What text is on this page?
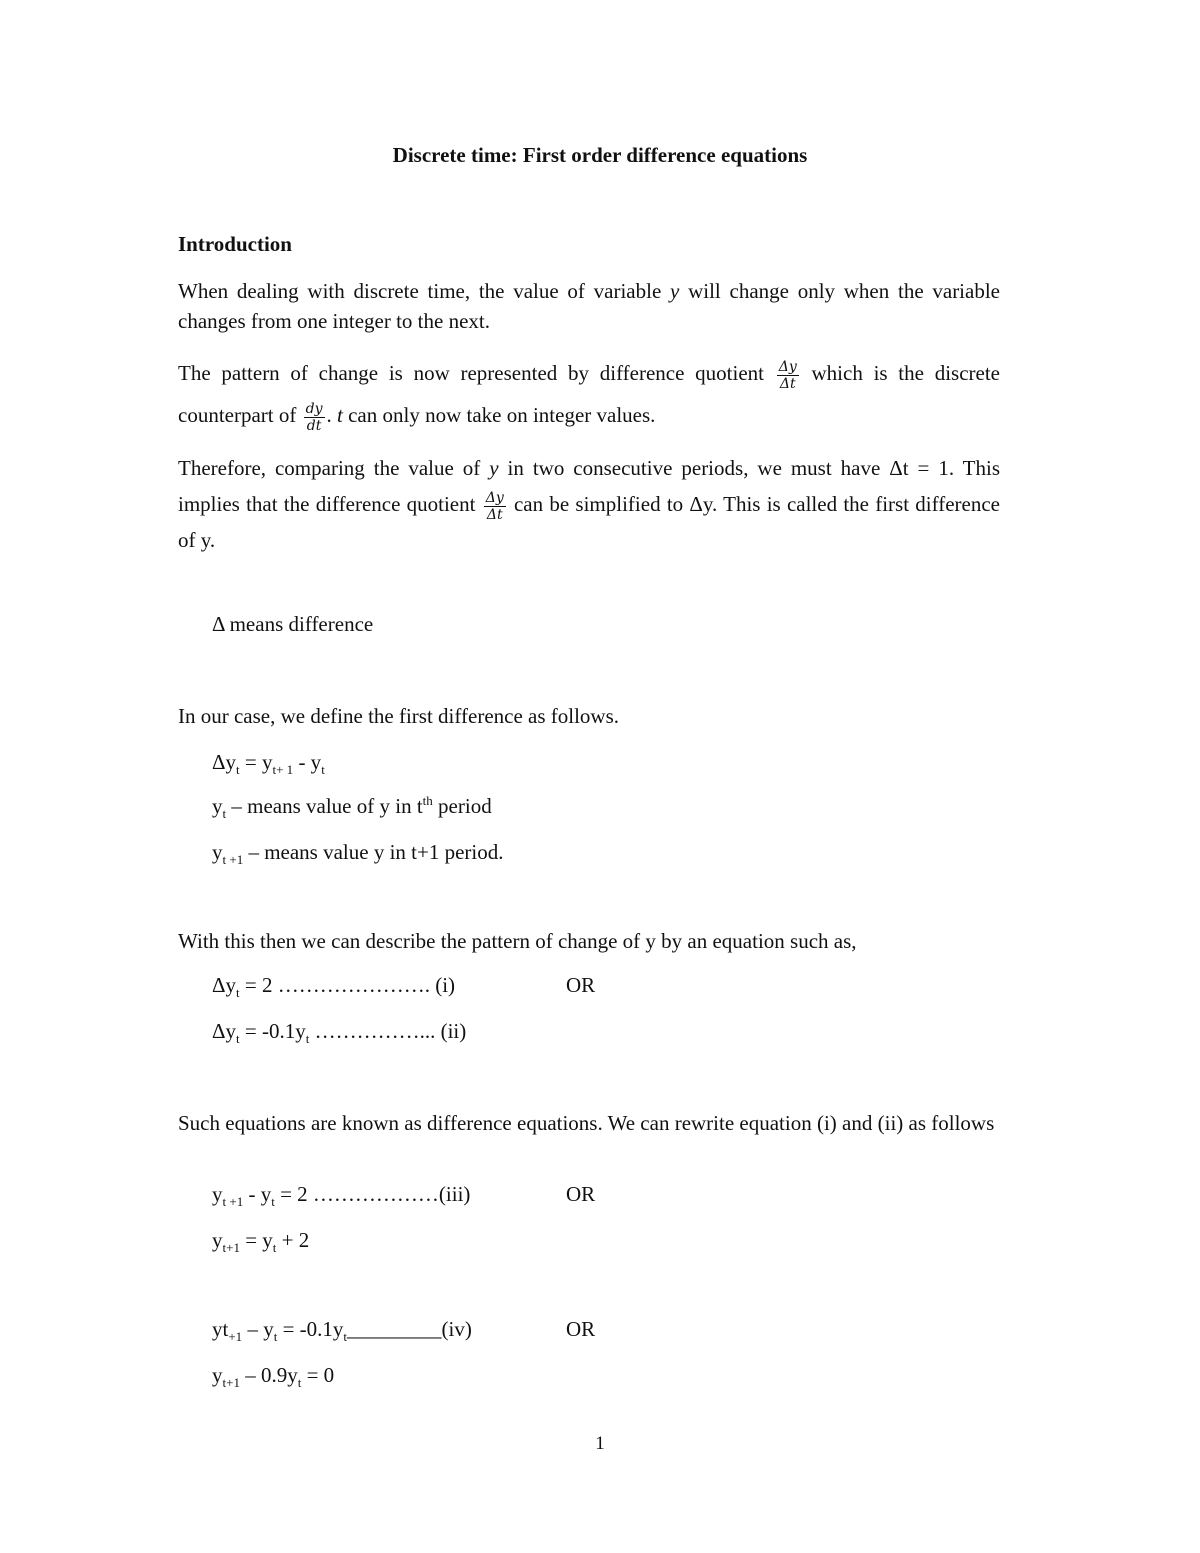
Discrete time: First order difference equations
Introduction
When dealing with discrete time, the value of variable y will change only when the variable changes from one integer to the next.
The pattern of change is now represented by difference quotient $\frac{\Delta y}{\Delta t}$ which is the discrete counterpart of $\frac{dy}{dt}$ . t can only now take on integer values.
Therefore, comparing the value of y in two consecutive periods, we must have Δt = 1. This implies that the difference quotient $\frac{\Delta y}{\Delta t}$ can be simplified to Δy. This is called the first difference of y.
Δ means difference
In our case, we define the first difference as follows.
$\Delta y_t = y_{t+ 1} - y_t$
$y_t$ – means value of y in $t^{th}$ period
$y_{t +1}$ – means value y in t+1 period.
With this then we can describe the pattern of change of y by an equation such as,
$\Delta y_t = 2$ …………………. (i)	OR
$\Delta y_t = -0.1y_t$ ……………... (ii)
Such equations are known as difference equations. We can rewrite equation (i) and (ii) as follows
$y_{t +1} - y_t = 2$ ………………(iii)	OR
$y_{t+1} = y_t + 2$
$yt_{+1} - y_t$ = $-0.1y_t\_\_\_\_\_\_\_\_\_(iv)$	OR
$y_{t+1} - 0.9y_t = 0$
1
